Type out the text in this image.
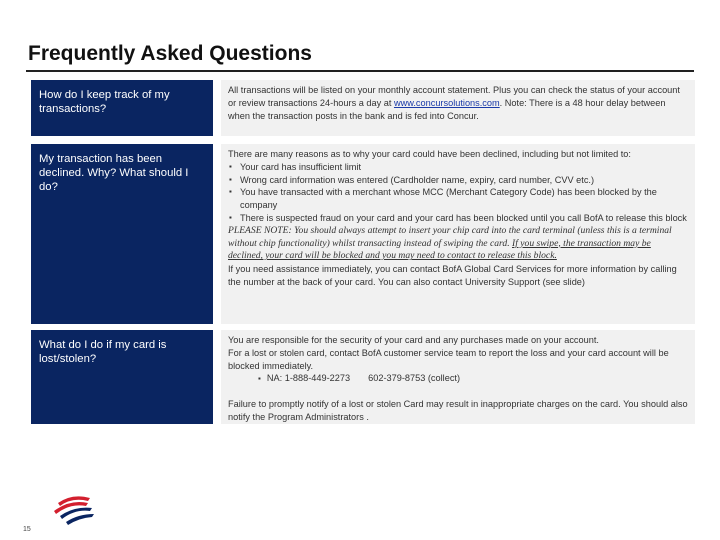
Frequently Asked Questions
How do I keep track of my transactions?

All transactions will be listed on your monthly account statement. Plus you can check the status of your account or review transactions 24-hours a day at www.concursolutions.com. Note: There is a 48 hour delay between when the transaction posts in the bank and is fed into Concur.

My transaction has been declined. Why? What should I do?

There are many reasons as to why your card could have been declined, including but not limited to:

▪ Your card has insufficient limit
▪ Wrong card information was entered (Cardholder name, expiry, card number, CVV etc.)
▪ You have transacted with a merchant whose MCC (Merchant Category Code) has been blocked by the company
▪ There is suspected fraud on your card and your card has been blocked until you call BofA to release this block

PLEASE NOTE: You should always attempt to insert your chip card into the card terminal (unless this is a terminal without chip functionality) whilst transacting instead of swiping the card. If you swipe, the transaction may be declined, your card will be blocked and you may need to contact to release this block.

If you need assistance immediately, you can contact BofA Global Card Services for more information by calling the number at the back of your card. You can also contact University Support (see slide)

What do I do if my card is lost/stolen?

You are responsible for the security of your card and any purchases made on your account.

For a lost or stolen card, contact BofA customer service team to report the loss and your card account will be blocked immediately.

▪ NA: 1-888-449-2273 602-379-8753 (collect)

Failure to promptly notify of a lost or stolen Card may result in inappropriate charges on the card. You should also notify the Program Administrators .

15
